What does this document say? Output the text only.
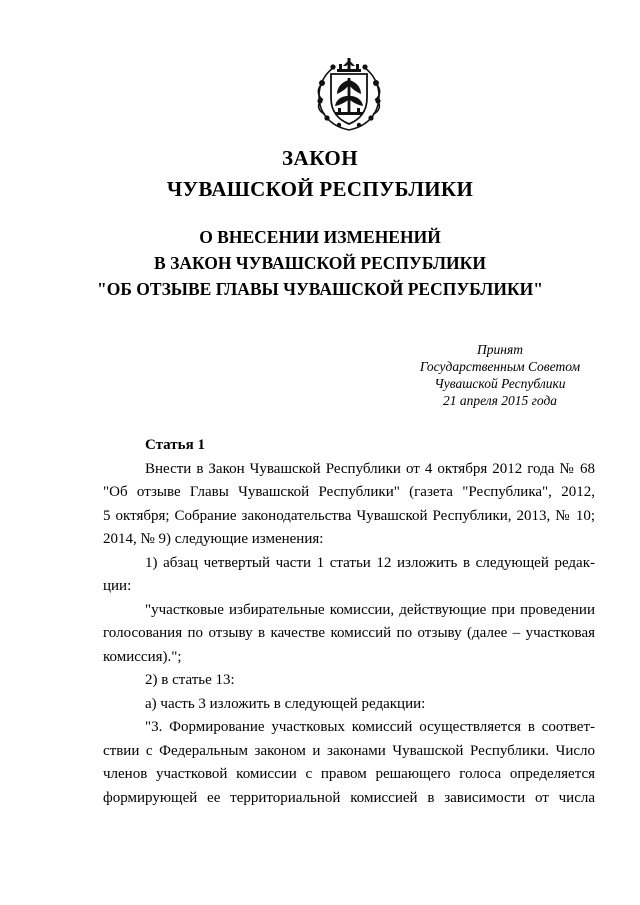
ЗАКОН
ЧУВАШСКОЙ РЕСПУБЛИКИ
О ВНЕСЕНИИ ИЗМЕНЕНИЙ
В ЗАКОН ЧУВАШСКОЙ РЕСПУБЛИКИ
"ОБ ОТЗЫВЕ ГЛАВЫ ЧУВАШСКОЙ РЕСПУБЛИКИ"
Принят
Государственным Советом
Чувашской Республики
21 апреля 2015 года
Статья 1
Внести в Закон Чувашской Республики от 4 октября 2012 года № 68
"Об отзыве Главы Чувашской Республики" (газета "Республика", 2012,
5 октября; Собрание законодательства Чувашской Республики, 2013, № 10;
2014, № 9) следующие изменения:
1) абзац четвертый части 1 статьи 12 изложить в следующей редак-
ции:
"участковые избирательные комиссии, действующие при проведении
голосования по отзыву в качестве комиссий по отзыву (далее – участковая
комиссия).";
2) в статье 13:
а) часть 3 изложить в следующей редакции:
"3. Формирование участковых комиссий осуществляется в соответ-
ствии с Федеральным законом и законами Чувашской Республики. Число
членов участковой комиссии с правом решающего голоса определяется
формирующей ее территориальной комиссией в зависимости от числа
